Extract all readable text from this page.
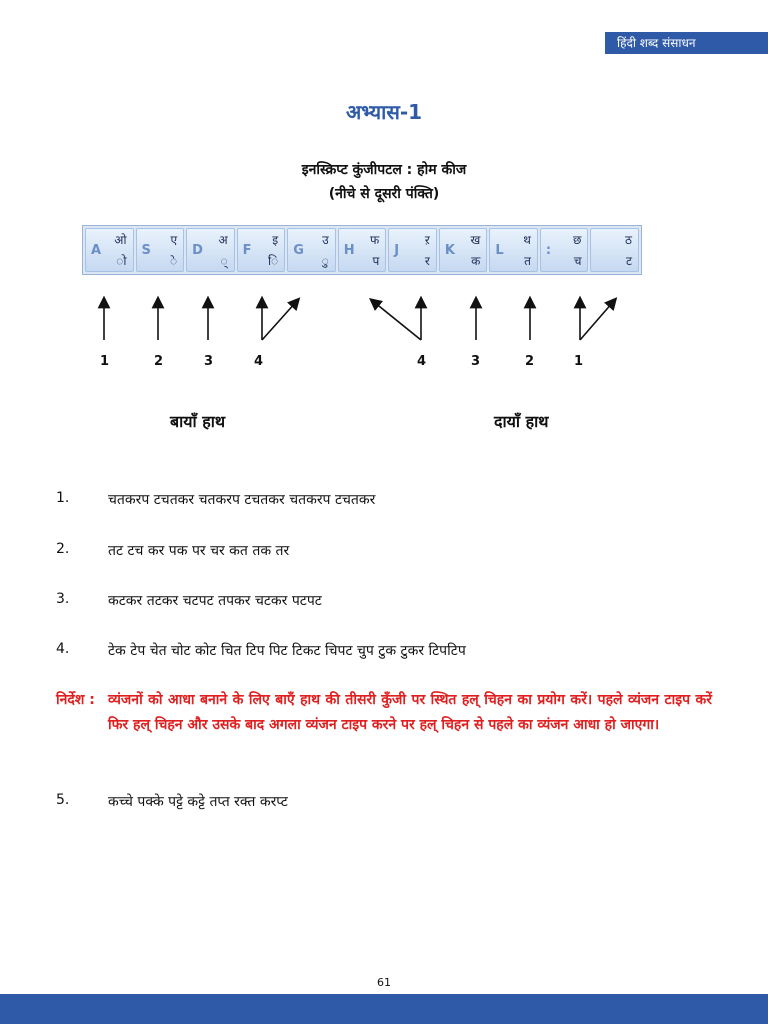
हिंदी शब्द संसाधन
अभ्यास-1
इनस्क्रिप्ट कुंजीपटल : होम कीज
(नीचे से दूसरी पंक्ति)
A
ओ
ो
S
ए
े
D
अ
्
F
इ
ि
G
उ
ु
H
फ
प
J
ऱ
र
K
ख
क
L
थ
त
:
छ
च
ठ
ट
1	2	3	4	4	3	2	1
बायाँ हाथ	दायाँ हाथ
1.	चतकरप टचतकर चतकरप टचतकर चतकरप टचतकर
2.	तट टच कर पक पर चर कत तक तर
3.	कटकर तटकर चटपट तपकर चटकर पटपट
4.	टेक टेप चेत चोट कोट चित टिप पिट टिकट चिपट चुप टुक टुकर टिपटिप
निर्देश : व्यंजनों को आधा बनाने के लिए बाएँ हाथ की तीसरी कुँजी पर स्थित हल् चिहन का प्रयोग करें। पहले व्यंजन टाइप करें फिर हल् चिहन और उसके बाद अगला व्यंजन टाइप करने पर हल् चिहन से पहले का व्यंजन आधा हो जाएगा।
5.	कच्चे पक्के पट्टे कट्टे तप्त रक्त करप्ट
61
